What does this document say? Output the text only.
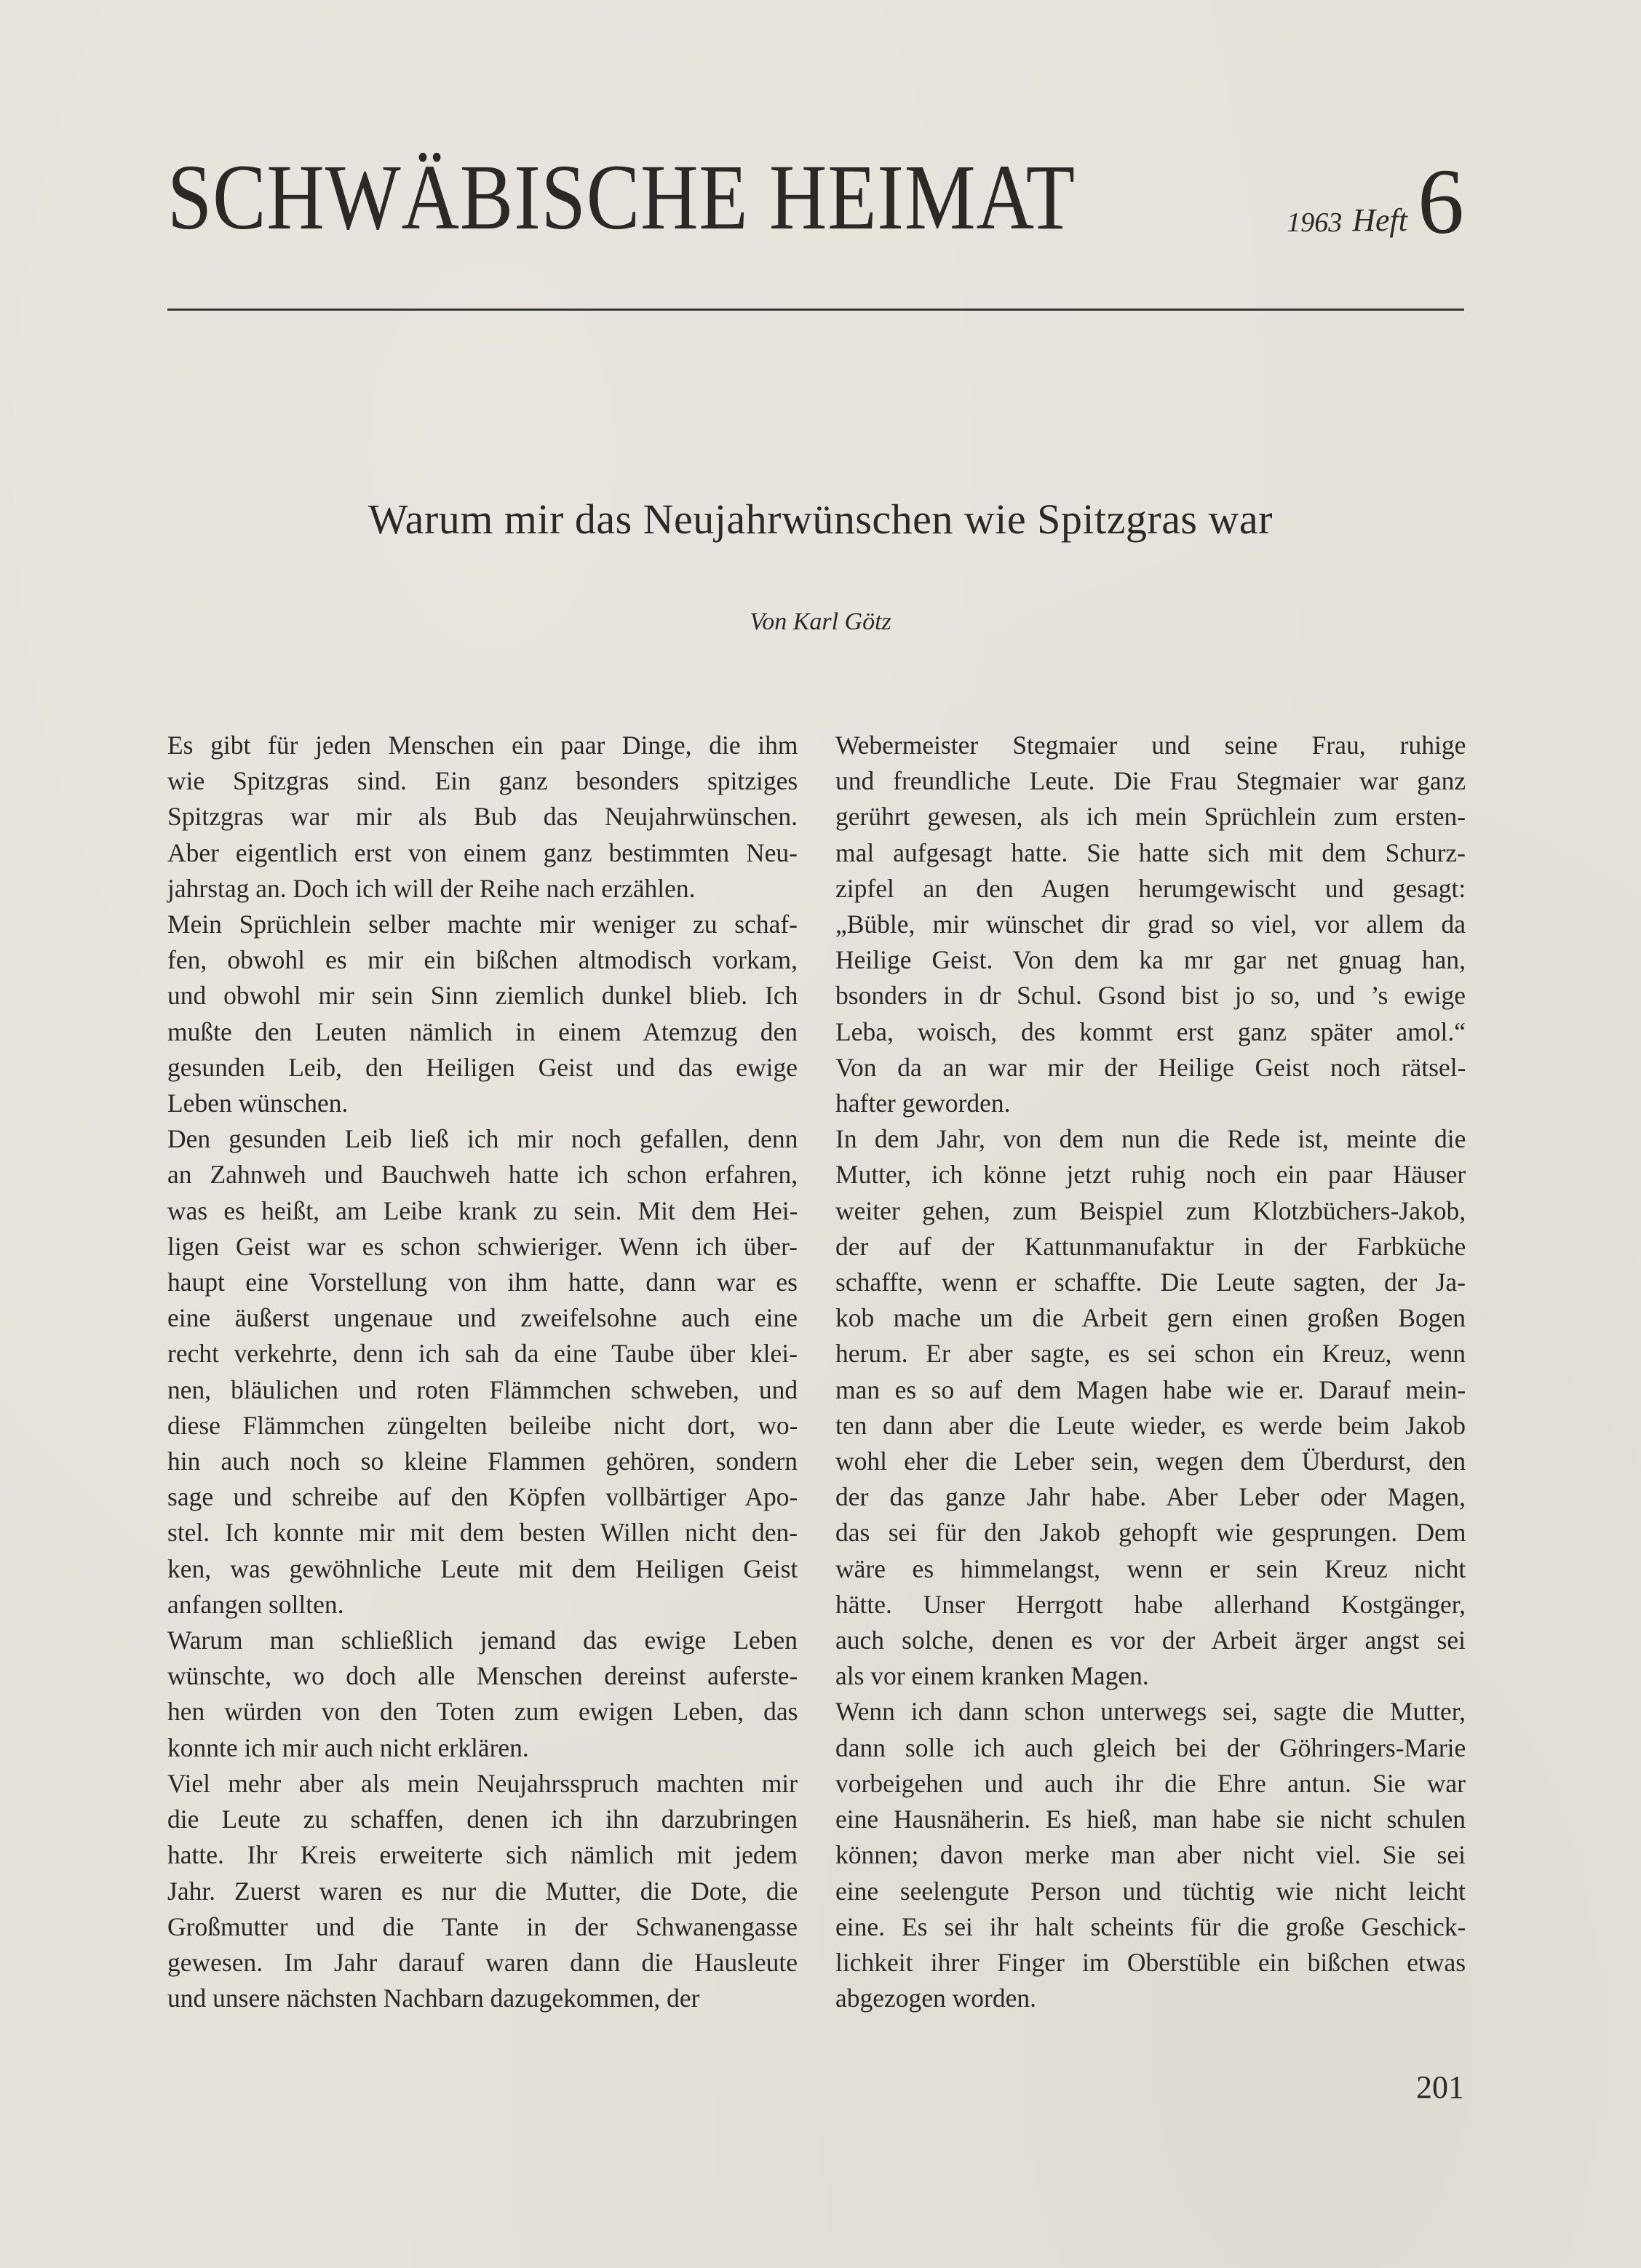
SCHWÄBISCHE HEIMAT	1963 Heft 6
Warum mir das Neujahrwünschen wie Spitzgras war
Von Karl Götz

Es gibt für jeden Menschen ein paar Dinge, die ihm
wie Spitzgras sind. Ein ganz besonders spitziges
Spitzgras war mir als Bub das Neujahrwünschen.
Aber eigentlich erst von einem ganz bestimmten Neu-
jahrstag an. Doch ich will der Reihe nach erzählen.

Mein Sprüchlein selber machte mir weniger zu schaf-
fen, obwohl es mir ein bißchen altmodisch vorkam,
und obwohl mir sein Sinn ziemlich dunkel blieb. Ich
mußte den Leuten nämlich in einem Atemzug den
gesunden Leib, den Heiligen Geist und das ewige
Leben wünschen.

Den gesunden Leib ließ ich mir noch gefallen, denn
an Zahnweh und Bauchweh hatte ich schon erfahren,
was es heißt, am Leibe krank zu sein. Mit dem Hei-
ligen Geist war es schon schwieriger. Wenn ich über-
haupt eine Vorstellung von ihm hatte, dann war es
eine äußerst ungenaue und zweifelsohne auch eine
recht verkehrte, denn ich sah da eine Taube über klei-
nen, bläulichen und roten Flämmchen schweben, und
diese Flämmchen züngelten beileibe nicht dort, wo-
hin auch noch so kleine Flammen gehören, sondern
sage und schreibe auf den Köpfen vollbärtiger Apo-
stel. Ich konnte mir mit dem besten Willen nicht den-
ken, was gewöhnliche Leute mit dem Heiligen Geist
anfangen sollten.

Warum man schließlich jemand das ewige Leben
wünschte, wo doch alle Menschen dereinst auferste-
hen würden von den Toten zum ewigen Leben, das
konnte ich mir auch nicht erklären.

Viel mehr aber als mein Neujahrsspruch machten mir
die Leute zu schaffen, denen ich ihn darzubringen
hatte. Ihr Kreis erweiterte sich nämlich mit jedem
Jahr. Zuerst waren es nur die Mutter, die Dote, die
Großmutter und die Tante in der Schwanengasse
gewesen. Im Jahr darauf waren dann die Hausleute
und unsere nächsten Nachbarn dazugekommen, der

Webermeister Stegmaier und seine Frau, ruhige
und freundliche Leute. Die Frau Stegmaier war ganz
gerührt gewesen, als ich mein Sprüchlein zum ersten-
mal aufgesagt hatte. Sie hatte sich mit dem Schurz-
zipfel an den Augen herumgewischt und gesagt:
„Büble, mir wünschet dir grad so viel, vor allem da
Heilige Geist. Von dem ka mr gar net gnuag han,
bsonders in dr Schul. Gsond bist jo so, und ’s ewige
Leba, woisch, des kommt erst ganz später amol.“
Von da an war mir der Heilige Geist noch rätsel-
hafter geworden.

In dem Jahr, von dem nun die Rede ist, meinte die
Mutter, ich könne jetzt ruhig noch ein paar Häuser
weiter gehen, zum Beispiel zum Klotzbüchers-Jakob,
der auf der Kattunmanufaktur in der Farbküche
schaffte, wenn er schaffte. Die Leute sagten, der Ja-
kob mache um die Arbeit gern einen großen Bogen
herum. Er aber sagte, es sei schon ein Kreuz, wenn
man es so auf dem Magen habe wie er. Darauf mein-
ten dann aber die Leute wieder, es werde beim Jakob
wohl eher die Leber sein, wegen dem Überdurst, den
der das ganze Jahr habe. Aber Leber oder Magen,
das sei für den Jakob gehopft wie gesprungen. Dem
wäre es himmelangst, wenn er sein Kreuz nicht
hätte. Unser Herrgott habe allerhand Kostgänger,
auch solche, denen es vor der Arbeit ärger angst sei
als vor einem kranken Magen.

Wenn ich dann schon unterwegs sei, sagte die Mutter,
dann solle ich auch gleich bei der Göhringers-Marie
vorbeigehen und auch ihr die Ehre antun. Sie war
eine Hausnäherin. Es hieß, man habe sie nicht schulen
können; davon merke man aber nicht viel. Sie sei
eine seelengute Person und tüchtig wie nicht leicht
eine. Es sei ihr halt scheints für die große Geschick-
lichkeit ihrer Finger im Oberstüble ein bißchen etwas
abgezogen worden.

201
